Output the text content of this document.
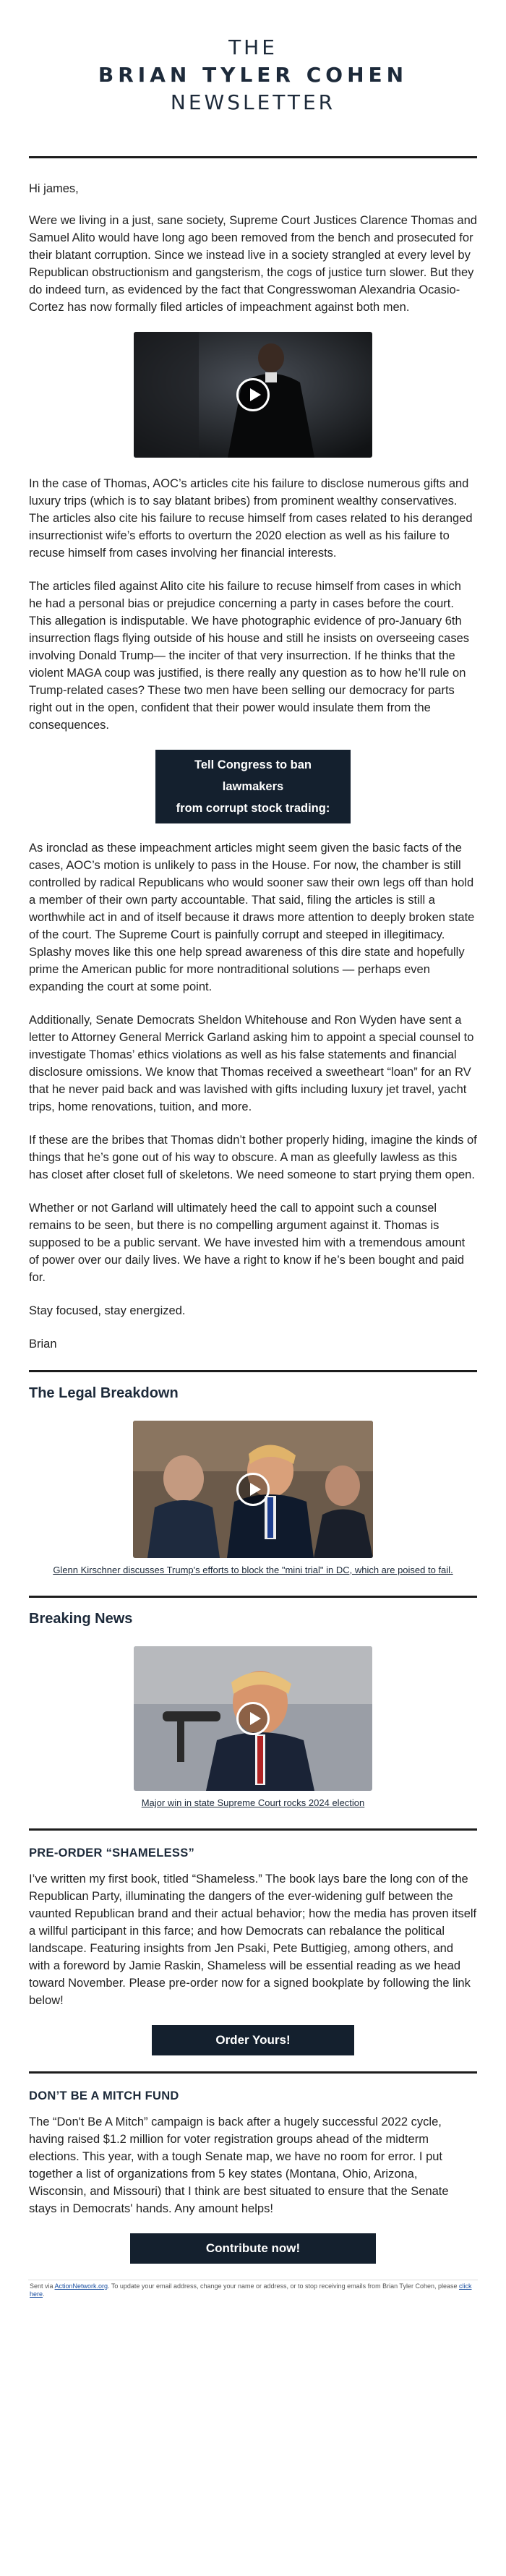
THE
BRIAN TYLER COHEN
NEWSLETTER

Hi james,

Were we living in a just, sane society, Supreme Court Justices Clarence Thomas and Samuel Alito would have long ago been removed from the bench and prosecuted for their blatant corruption. Since we instead live in a society strangled at every level by Republican obstructionism and gangsterism, the cogs of justice turn slower. But they do indeed turn, as evidenced by the fact that Congresswoman Alexandria Ocasio-Cortez has now formally filed articles of impeachment against both men.

In the case of Thomas, AOC’s articles cite his failure to disclose numerous gifts and luxury trips (which is to say blatant bribes) from prominent wealthy conservatives. The articles also cite his failure to recuse himself from cases related to his deranged insurrectionist wife’s efforts to overturn the 2020 election as well as his failure to recuse himself from cases involving her financial interests.

The articles filed against Alito cite his failure to recuse himself from cases in which he had a personal bias or prejudice concerning a party in cases before the court. This allegation is indisputable. We have photographic evidence of pro-January 6th insurrection flags flying outside of his house and still he insists on overseeing cases involving Donald Trump— the inciter of that very insurrection. If he thinks that the violent MAGA coup was justified, is there really any question as to how he’ll rule on Trump-related cases? These two men have been selling our democracy for parts right out in the open, confident that their power would insulate them from the consequences.

Tell Congress to ban lawmakers
from corrupt stock trading:

As ironclad as these impeachment articles might seem given the basic facts of the cases, AOC’s motion is unlikely to pass in the House. For now, the chamber is still controlled by radical Republicans who would sooner saw their own legs off than hold a member of their own party accountable. That said, filing the articles is still a worthwhile act in and of itself because it draws more attention to deeply broken state of the court. The Supreme Court is painfully corrupt and steeped in illegitimacy. Splashy moves like this one help spread awareness of this dire state and hopefully prime the American public for more nontraditional solutions — perhaps even expanding the court at some point.

Additionally, Senate Democrats Sheldon Whitehouse and Ron Wyden have sent a letter to Attorney General Merrick Garland asking him to appoint a special counsel to investigate Thomas’ ethics violations as well as his false statements and financial disclosure omissions. We know that Thomas received a sweetheart “loan” for an RV that he never paid back and was lavished with gifts including luxury jet travel, yacht trips, home renovations, tuition, and more.

If these are the bribes that Thomas didn’t bother properly hiding, imagine the kinds of things that he’s gone out of his way to obscure. A man as gleefully lawless as this has closet after closet full of skeletons. We need someone to start prying them open.

Whether or not Garland will ultimately heed the call to appoint such a counsel remains to be seen, but there is no compelling argument against it. Thomas is supposed to be a public servant. We have invested him with a tremendous amount of power over our daily lives. We have a right to know if he’s been bought and paid for.

Stay focused, stay energized.

Brian

The Legal Breakdown
Glenn Kirschner discusses Trump's efforts to block the "mini trial" in DC, which are poised to fail.
Breaking News
Major win in state Supreme Court rocks 2024 election
PRE-ORDER “SHAMELESS”

I’ve written my first book, titled “Shameless.” The book lays bare the long con of the Republican Party, illuminating the dangers of the ever-widening gulf between the vaunted Republican brand and their actual behavior; how the media has proven itself a willful participant in this farce; and how Democrats can rebalance the political landscape. Featuring insights from Jen Psaki, Pete Buttigieg, among others, and with a foreword by Jamie Raskin, Shameless will be essential reading as we head toward November. Please pre-order now for a signed bookplate by following the link below!

Order Yours!
DON’T BE A MITCH FUND

The “Don't Be A Mitch” campaign is back after a hugely successful 2022 cycle, having raised $1.2 million for voter registration groups ahead of the midterm elections. This year, with a tough Senate map, we have no room for error. I put together a list of organizations from 5 key states (Montana, Ohio, Arizona, Wisconsin, and Missouri) that I think are best situated to ensure that the Senate stays in Democrats' hands. Any amount helps!

Contribute now!
Sent via ActionNetwork.org. To update your email address, change your name or address, or to stop receiving emails from Brian Tyler Cohen, please click here.
